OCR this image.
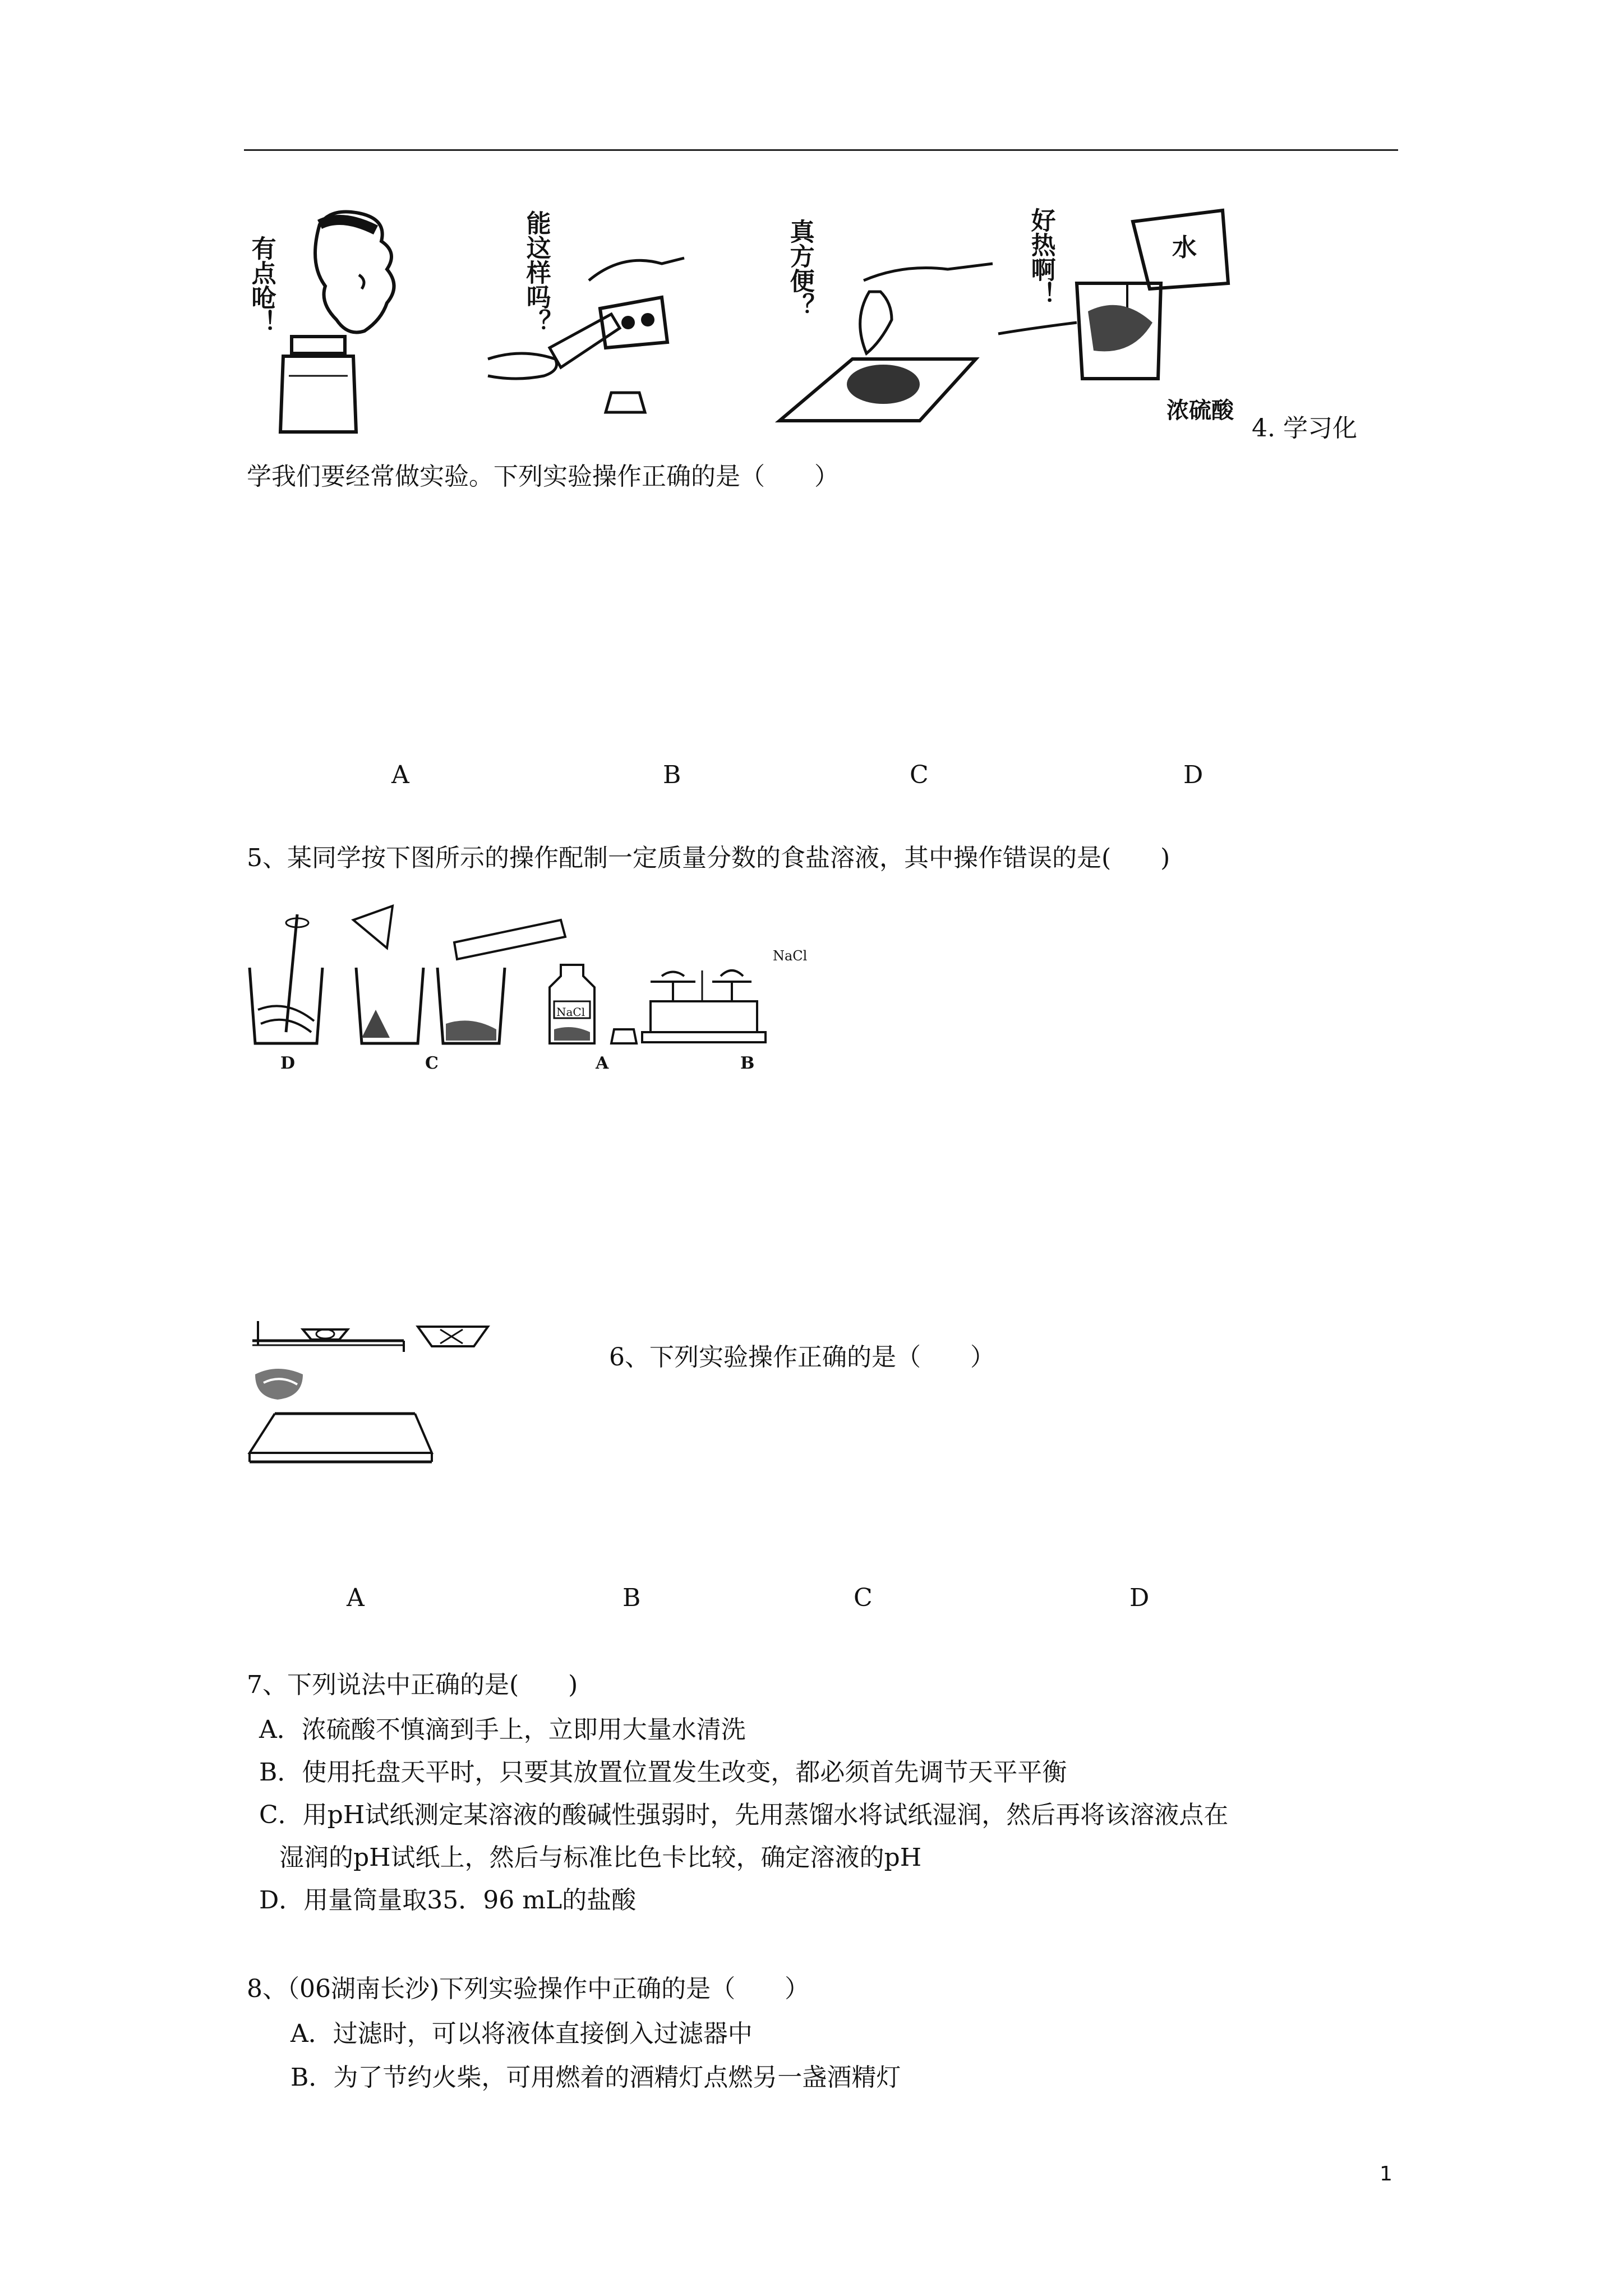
有点呛！	能这样吗？	真方便？	好热啊！	水
浓硫酸
4. 学习化
学我们要经常做实验。下列实验操作正确的是（　　）
A	B	C	D
5、某同学按下图所示的操作配制一定质量分数的食盐溶液，其中操作错误的是(　　)
NaCl
NaCl
D	C	A	B
6、下列实验操作正确的是（　　）
A	B	C	D
7、下列说法中正确的是(　　)
A．浓硫酸不慎滴到手上，立即用大量水清洗
B．使用托盘天平时，只要其放置位置发生改变，都必须首先调节天平平衡
C．用pH试纸测定某溶液的酸碱性强弱时，先用蒸馏水将试纸湿润，然后再将该溶液点在
湿润的pH试纸上，然后与标准比色卡比较，确定溶液的pH
D．用量筒量取35．96 mL的盐酸
8、（06湖南长沙)下列实验操作中正确的是（　　）
A．过滤时，可以将液体直接倒入过滤器中
B．为了节约火柴，可用燃着的酒精灯点燃另一盏酒精灯
1
